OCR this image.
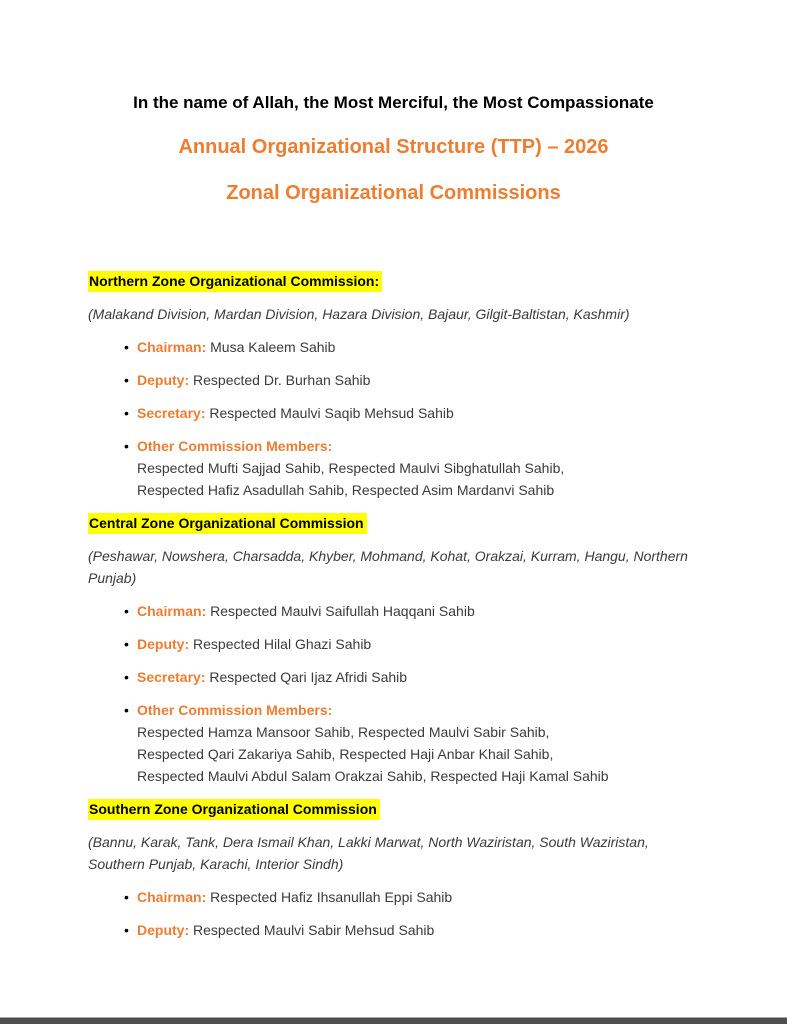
In the name of Allah, the Most Merciful, the Most Compassionate

Annual Organizational Structure (TTP) – 2026

Zonal Organizational Commissions

Northern Zone Organizational Commission:

(Malakand Division, Mardan Division, Hazara Division, Bajaur, Gilgit-Baltistan, Kashmir)

• Chairman: Musa Kaleem Sahib
• Deputy: Respected Dr. Burhan Sahib
• Secretary: Respected Maulvi Saqib Mehsud Sahib
• Other Commission Members:
Respected Mufti Sajjad Sahib, Respected Maulvi Sibghatullah Sahib,
Respected Hafiz Asadullah Sahib, Respected Asim Mardanvi Sahib

Central Zone Organizational Commission

(Peshawar, Nowshera, Charsadda, Khyber, Mohmand, Kohat, Orakzai, Kurram, Hangu, Northern
Punjab)

• Chairman: Respected Maulvi Saifullah Haqqani Sahib
• Deputy: Respected Hilal Ghazi Sahib
• Secretary: Respected Qari Ijaz Afridi Sahib
• Other Commission Members:
Respected Hamza Mansoor Sahib, Respected Maulvi Sabir Sahib,
Respected Qari Zakariya Sahib, Respected Haji Anbar Khail Sahib,
Respected Maulvi Abdul Salam Orakzai Sahib, Respected Haji Kamal Sahib

Southern Zone Organizational Commission

(Bannu, Karak, Tank, Dera Ismail Khan, Lakki Marwat, North Waziristan, South Waziristan,
Southern Punjab, Karachi, Interior Sindh)

• Chairman: Respected Hafiz Ihsanullah Eppi Sahib
• Deputy: Respected Maulvi Sabir Mehsud Sahib
